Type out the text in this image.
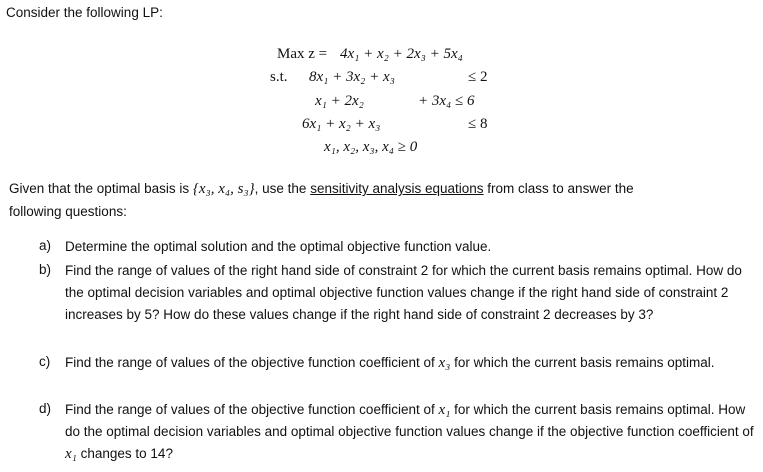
Consider the following LP:
Max z = 4x₁ + x₂ + 2x₃ + 5x₄
s.t. 8x₁ + 3x₂ + x₃	≤ 2
x₁ + 2x₂	+ 3x₄ ≤ 6
6x₁ + x₂ + x₃	≤ 8
x₁, x₂, x₃, x₄ ≥ 0
Given that the optimal basis is {x₃, x₄, s₃}, use the sensitivity analysis equations from class to answer the
following questions:
a) Determine the optimal solution and the optimal objective function value.
b) Find the range of values of the right hand side of constraint 2 for which the current basis remains optimal. How do the optimal decision variables and optimal objective function values change if the right hand side of constraint 2 increases by 5? How do these values change if the right hand side of constraint 2 decreases by 3?
c) Find the range of values of the objective function coefficient of x₃ for which the current basis remains optimal.
d) Find the range of values of the objective function coefficient of x₁ for which the current basis remains optimal. How do the optimal decision variables and optimal objective function values change if the objective function coefficient of x₁ changes to 14?
